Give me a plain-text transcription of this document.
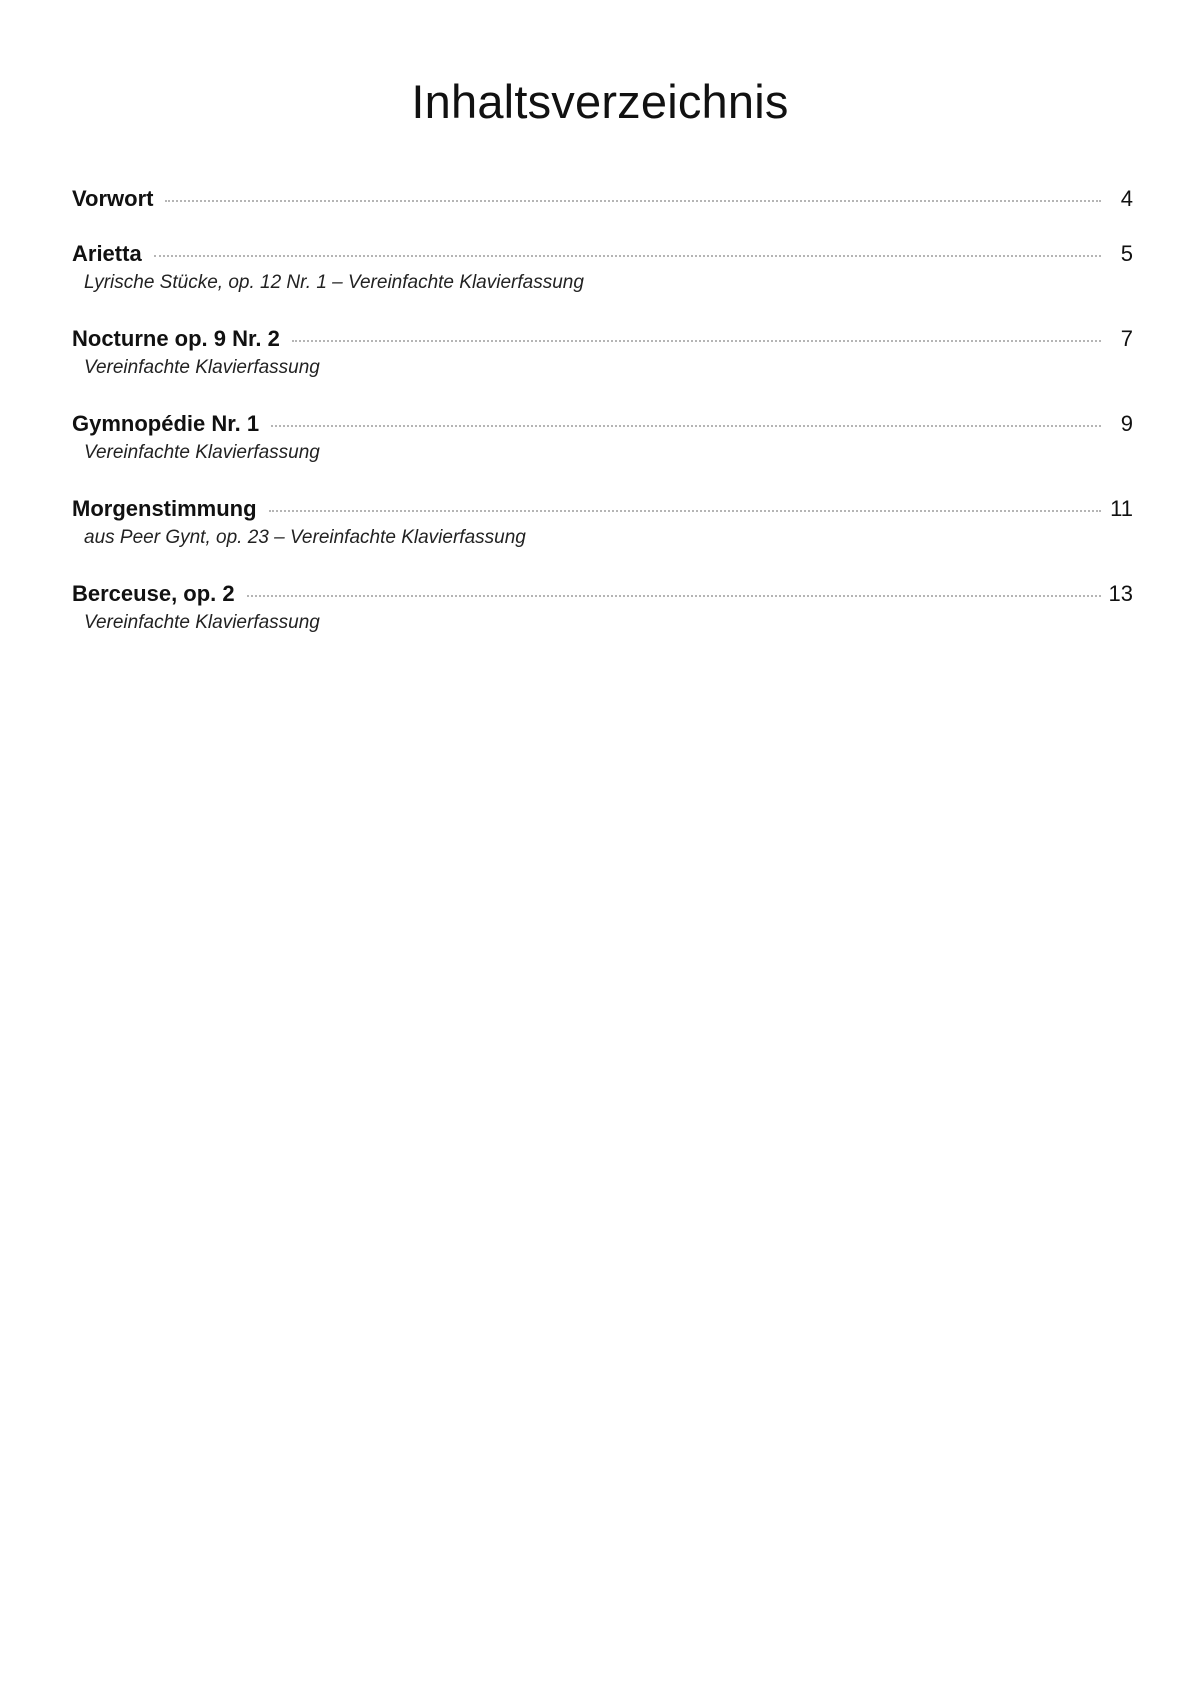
Inhaltsverzeichnis
Vorwort	4
Arietta	5
Lyrische Stücke, op. 12 Nr. 1 – Vereinfachte Klavierfassung
Nocturne op. 9 Nr. 2	7
Vereinfachte Klavierfassung
Gymnopédie Nr. 1	9
Vereinfachte Klavierfassung
Morgenstimmung	11
aus Peer Gynt, op. 23 – Vereinfachte Klavierfassung
Berceuse, op. 2	13
Vereinfachte Klavierfassung
